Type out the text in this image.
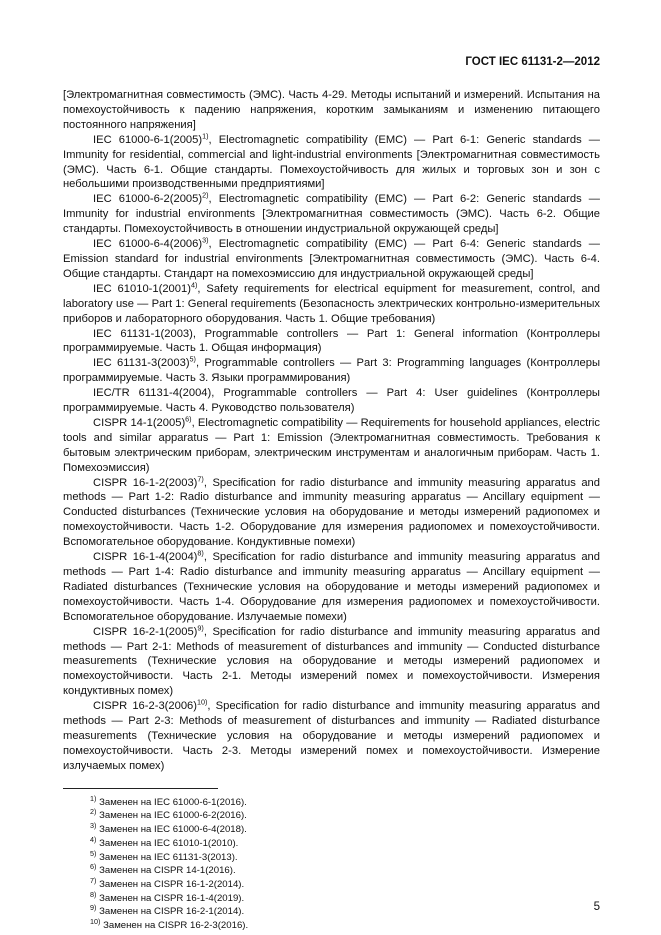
ГОСТ IEC 61131-2—2012

[Электромагнитная совместимость (ЭМС). Часть 4-29. Методы испытаний и измерений. Испытания на помехоустойчивость к падению напряжения, коротким замыканиям и изменению питающего постоянного напряжения]

IEC $61000-6-1(2005)^{1)}$, Electromagnetic compatibility (EMC) — Part 6-1: Generic standards — Immunity for residential, commercial and light-industrial environments [Электромагнитная совместимость (ЭМС). Часть 6-1. Общие стандарты. Помехоустойчивость для жилых и торговых зон и зон с небольшими производственными предприятиями]

IEC $61000-6-2(2005)^{2)}$, Electromagnetic compatibility (EMC) — Part 6-2: Generic standards — Immunity for industrial environments [Электромагнитная совместимость (ЭМС). Часть 6-2. Общие стандарты. Помехоустойчивость в отношении индустриальной окружающей среды]

IEC $61000-6-4(2006)^{3)}$, Electromagnetic compatibility (EMC) — Part 6-4: Generic standards — Emission standard for industrial environments [Электромагнитная совместимость (ЭМС). Часть 6-4. Общие стандарты. Стандарт на помехоэмиссию для индустриальной окружающей среды]

IEC $61010-1(2001)^{4)}$, Safety requirements for electrical equipment for measurement, control, and laboratory use — Part 1: General requirements (Безопасность электрических контрольно-измерительных приборов и лабораторного оборудования. Часть 1. Общие требования)

IEC 61131-1(2003), Programmable controllers — Part 1: General information (Контроллеры программируемые. Часть 1. Общая информация)

IEC $61131-3(2003)^{5)}$, Programmable controllers — Part 3: Programming languages (Контроллеры программируемые. Часть 3. Языки программирования)

IEC/TR 61131-4(2004), Programmable controllers — Part 4: User guidelines (Контроллеры программируемые. Часть 4. Руководство пользователя)

CISPR $14-1(2005)^{6)}$, Electromagnetic compatibility — Requirements for household appliances, electric tools and similar apparatus — Part 1: Emission (Электромагнитная совместимость. Требования к бытовым электрическим приборам, электрическим инструментам и аналогичным приборам. Часть 1. Помехоэмиссия)

CISPR $16-1-2(2003)^{7)}$, Specification for radio disturbance and immunity measuring apparatus and methods — Part 1-2: Radio disturbance and immunity measuring apparatus — Ancillary equipment — Conducted disturbances (Технические условия на оборудование и методы измерений радиопомех и помехоустойчивости. Часть 1-2. Оборудование для измерения радиопомех и помехоустойчивости. Вспомогательное оборудование. Кондуктивные помехи)

CISPR $16-1-4(2004)^{8)}$, Specification for radio disturbance and immunity measuring apparatus and methods — Part 1-4: Radio disturbance and immunity measuring apparatus — Ancillary equipment — Radiated disturbances (Технические условия на оборудование и методы измерений радиопомех и помехоустойчивости. Часть 1-4. Оборудование для измерения радиопомех и помехоустойчивости. Вспомогательное оборудование. Излучаемые помехи)

CISPR $16-2-1(2005)^{9)}$, Specification for radio disturbance and immunity measuring apparatus and methods — Part 2-1: Methods of measurement of disturbances and immunity — Conducted disturbance measurements (Технические условия на оборудование и методы измерений радиопомех и помехоустойчивости. Часть 2-1. Методы измерений помех и помехоустойчивости. Измерения кондуктивных помех)

CISPR $16-2-3(2006)^{10)}$, Specification for radio disturbance and immunity measuring apparatus and methods — Part 2-3: Methods of measurement of disturbances and immunity — Radiated disturbance measurements (Технические условия на оборудование и методы измерений радиопомех и помехоустойчивости. Часть 2-3. Методы измерений помех и помехоустойчивости. Измерение излучаемых помех)

$^{1)}$ Заменен на IEC 61000-6-1(2016).
$^{2)}$ Заменен на IEC 61000-6-2(2016).
$^{3)}$ Заменен на IEC 61000-6-4(2018).
$^{4)}$ Заменен на IEC 61010-1(2010).
$^{5)}$ Заменен на IEC 61131-3(2013).
$^{6)}$ Заменен на CISPR 14-1(2016).
$^{7)}$ Заменен на CISPR 16-1-2(2014).
$^{8)}$ Заменен на CISPR 16-1-4(2019).
$^{9)}$ Заменен на CISPR 16-2-1(2014).
$^{10)}$ Заменен на CISPR 16-2-3(2016).
5
